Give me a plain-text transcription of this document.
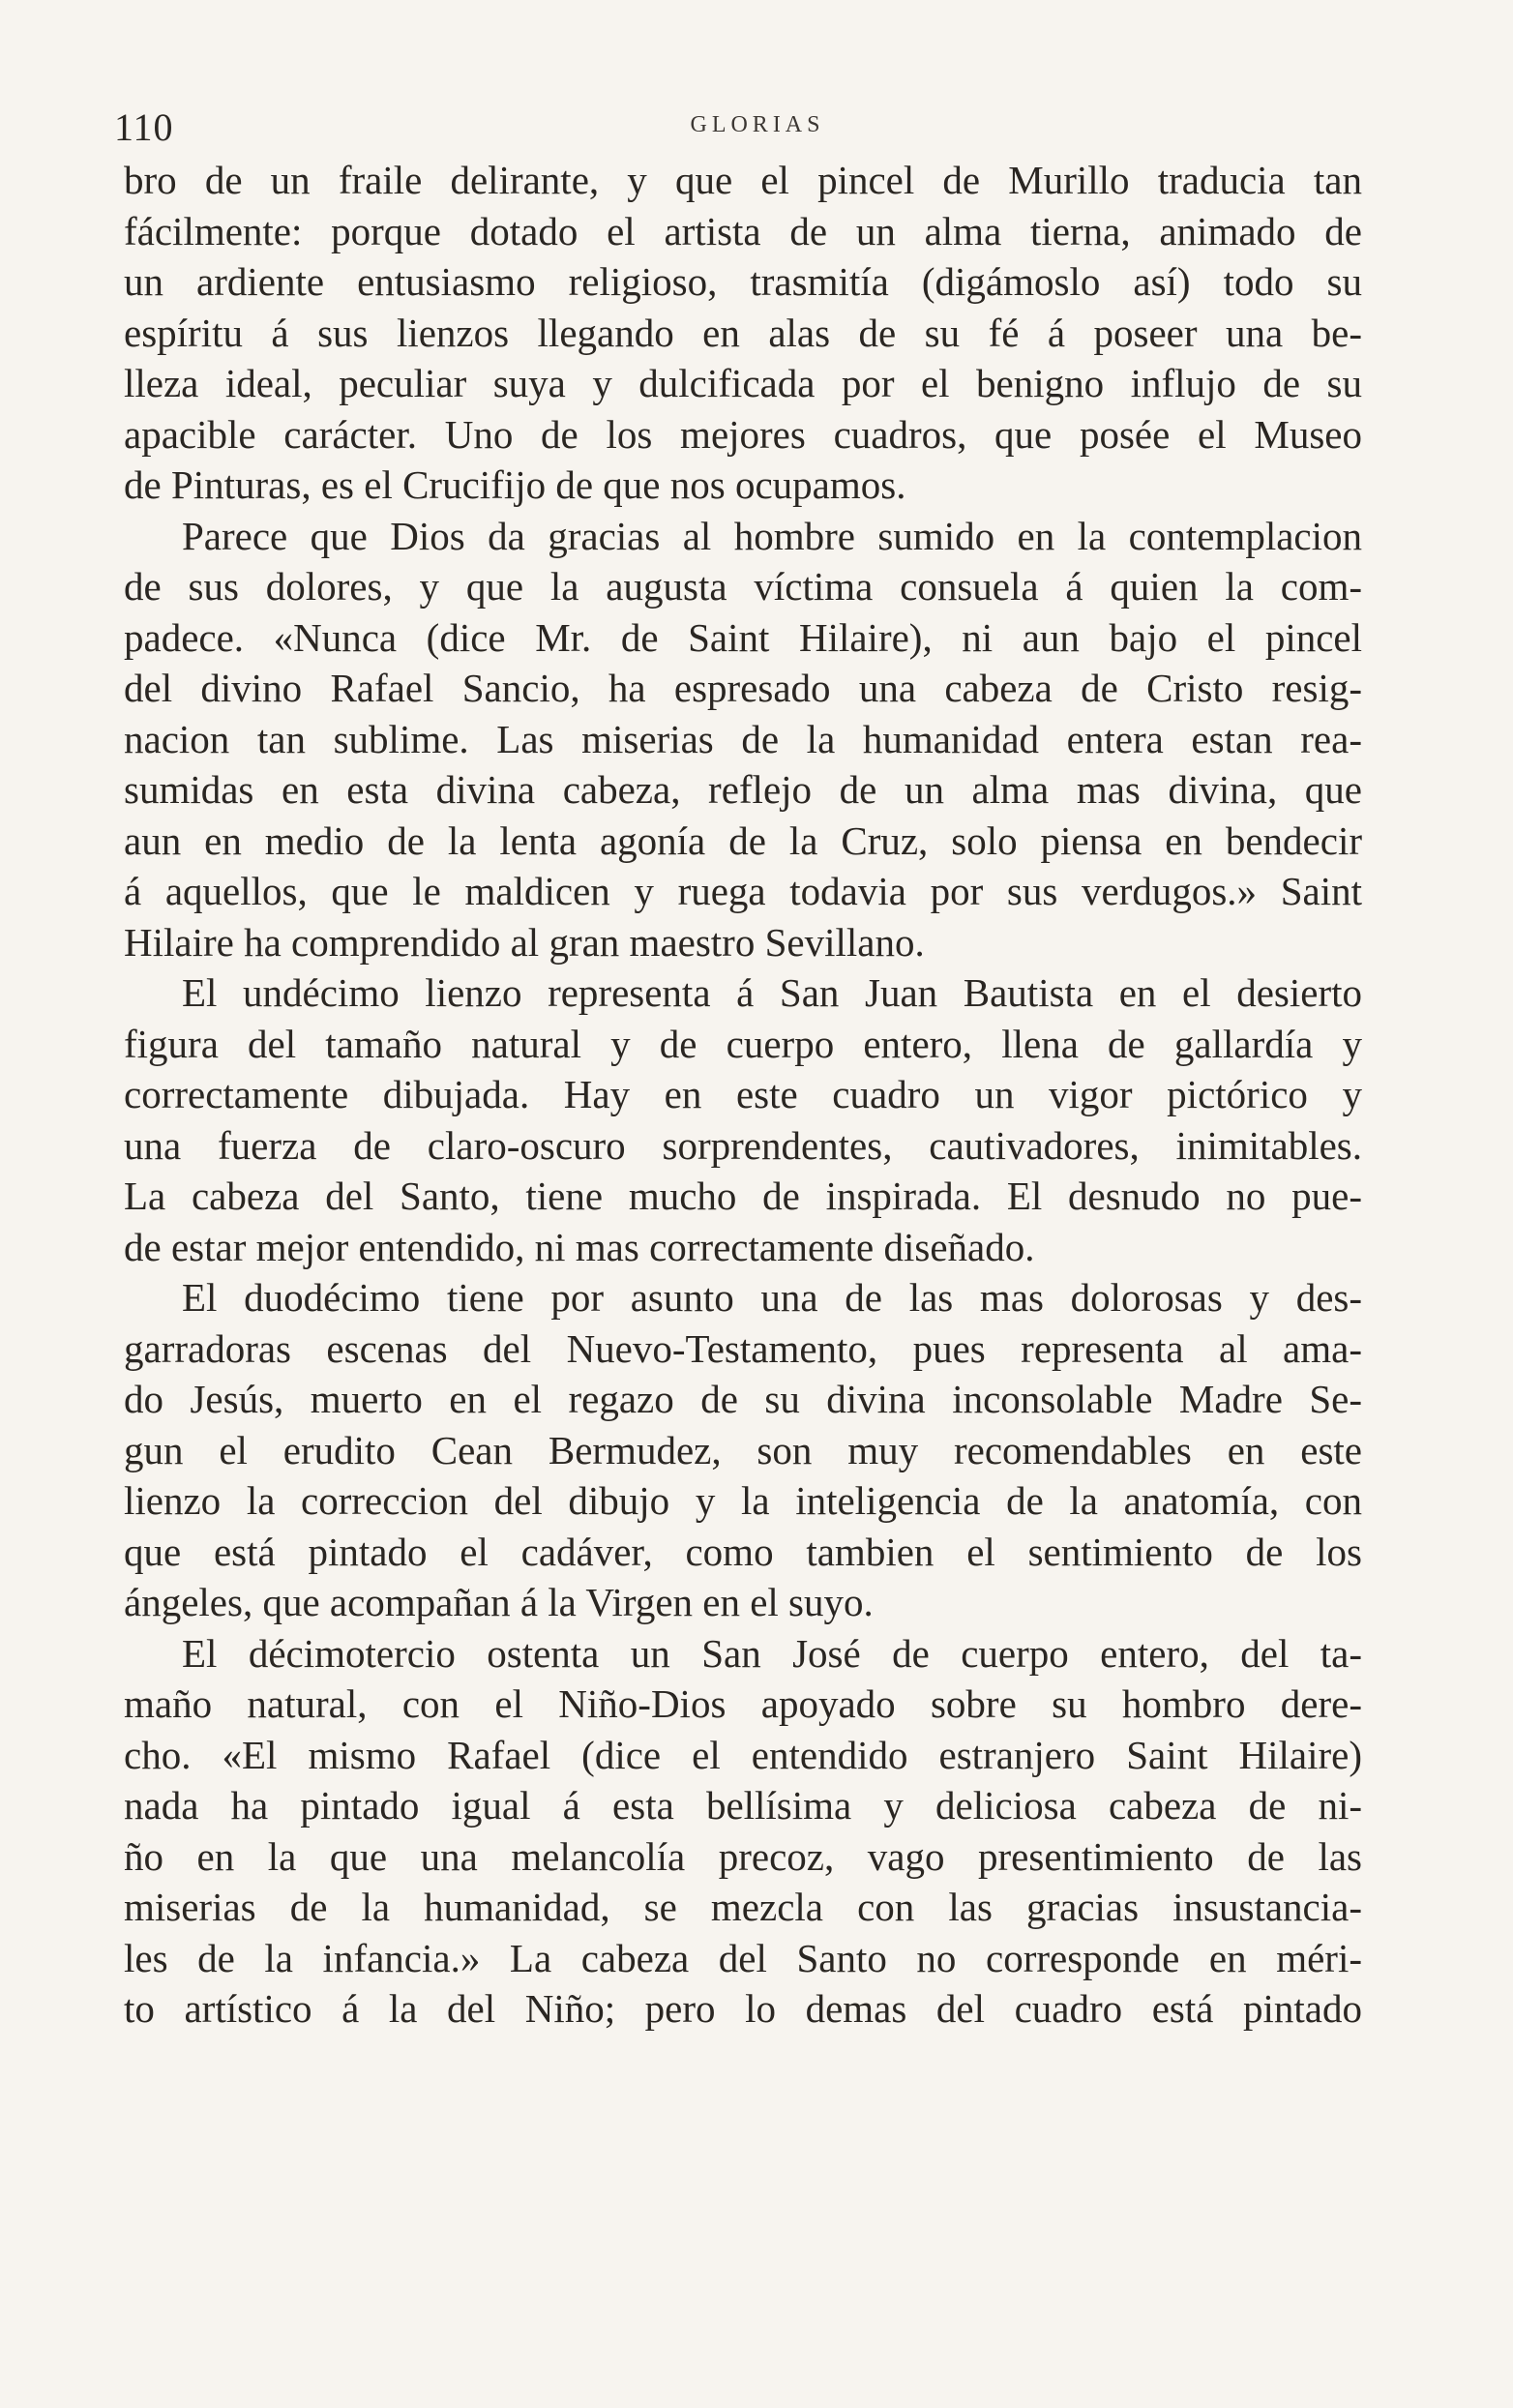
110	GLORIAS
bro de un fraile delirante, y que el pincel de Murillo traducia tan
fácilmente: porque dotado el artista de un alma tierna, animado de
un ardiente entusiasmo religioso, trasmitía (digámoslo así) todo su
espíritu á sus lienzos llegando en alas de su fé á poseer una be-
lleza ideal, peculiar suya y dulcificada por el benigno influjo de su
apacible carácter. Uno de los mejores cuadros, que posée el Museo
de Pinturas, es el Crucifijo de que nos ocupamos.
Parece que Dios da gracias al hombre sumido en la contemplacion
de sus dolores, y que la augusta víctima consuela á quien la com-
padece. «Nunca (dice Mr. de Saint Hilaire), ni aun bajo el pincel
del divino Rafael Sancio, ha espresado una cabeza de Cristo resig-
nacion tan sublime. Las miserias de la humanidad entera estan rea-
sumidas en esta divina cabeza, reflejo de un alma mas divina, que
aun en medio de la lenta agonía de la Cruz, solo piensa en bendecir
á aquellos, que le maldicen y ruega todavia por sus verdugos.» Saint
Hilaire ha comprendido al gran maestro Sevillano.
El undécimo lienzo representa á San Juan Bautista en el desierto
figura del tamaño natural y de cuerpo entero, llena de gallardía y
correctamente dibujada. Hay en este cuadro un vigor pictórico y
una fuerza de claro-oscuro sorprendentes, cautivadores, inimitables.
La cabeza del Santo, tiene mucho de inspirada. El desnudo no pue-
de estar mejor entendido, ni mas correctamente diseñado.
El duodécimo tiene por asunto una de las mas dolorosas y des-
garradoras escenas del Nuevo-Testamento, pues representa al ama-
do Jesús, muerto en el regazo de su divina inconsolable Madre Se-
gun el erudito Cean Bermudez, son muy recomendables en este
lienzo la correccion del dibujo y la inteligencia de la anatomía, con
que está pintado el cadáver, como tambien el sentimiento de los
ángeles, que acompañan á la Virgen en el suyo.
El décimotercio ostenta un San José de cuerpo entero, del ta-
maño natural, con el Niño-Dios apoyado sobre su hombro dere-
cho. «El mismo Rafael (dice el entendido estranjero Saint Hilaire)
nada ha pintado igual á esta bellísima y deliciosa cabeza de ni-
ño en la que una melancolía precoz, vago presentimiento de las
miserias de la humanidad, se mezcla con las gracias insustancia-
les de la infancia.» La cabeza del Santo no corresponde en méri-
to artístico á la del Niño; pero lo demas del cuadro está pintado
